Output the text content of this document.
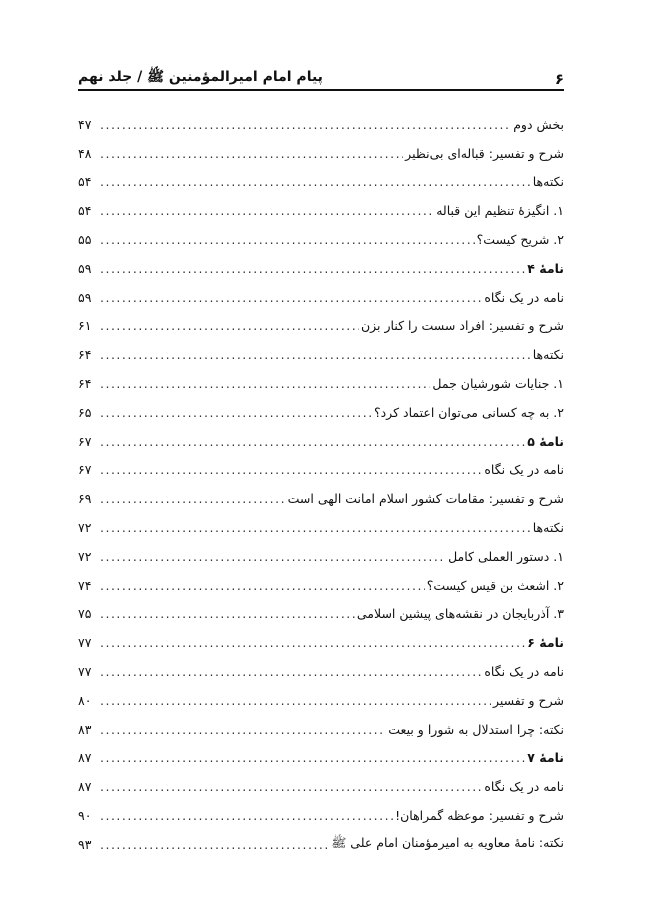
۶
پیام امام امیرالمؤمنین ﷺ / جلد نهم
بخش دوم
.....
۴۷
شرح و تفسیر: قباله‌ای بی‌نظیر
.....
۴۸
نکته‌ها
.....
۵۴
۱. انگیزهٔ تنظیم این قباله
.....
۵۴
۲. شریح کیست؟
.....
۵۵
نامهٔ ۴
.....
۵۹
نامه در یک نگاه
.....
۵۹
شرح و تفسیر: افراد سست را کنار بزن
.....
۶۱
نکته‌ها
.....
۶۴
۱. جنایات شورشیان جمل
.....
۶۴
۲. به چه کسانی می‌توان اعتماد کرد؟
.....
۶۵
نامهٔ ۵
.....
۶۷
نامه در یک نگاه
.....
۶۷
شرح و تفسیر: مقامات کشور اسلام امانت الهی است
.....
۶۹
نکته‌ها
.....
۷۲
۱. دستور العملی کامل
.....
۷۲
۲. اشعث بن قیس کیست؟
.....
۷۴
۳. آذربایجان در نقشه‌های پیشین اسلامی
.....
۷۵
نامهٔ ۶
.....
۷۷
نامه در یک نگاه
.....
۷۷
شرح و تفسیر
.....
۸۰
نکته: چرا استدلال به شورا و بیعت
.....
۸۳
نامهٔ ۷
.....
۸۷
نامه در یک نگاه
.....
۸۷
شرح و تفسیر: موعظه گمراهان!
.....
۹۰
نکته: نامهٔ معاویه به امیرمؤمنان امام علی ﷺ
.....
۹۳
